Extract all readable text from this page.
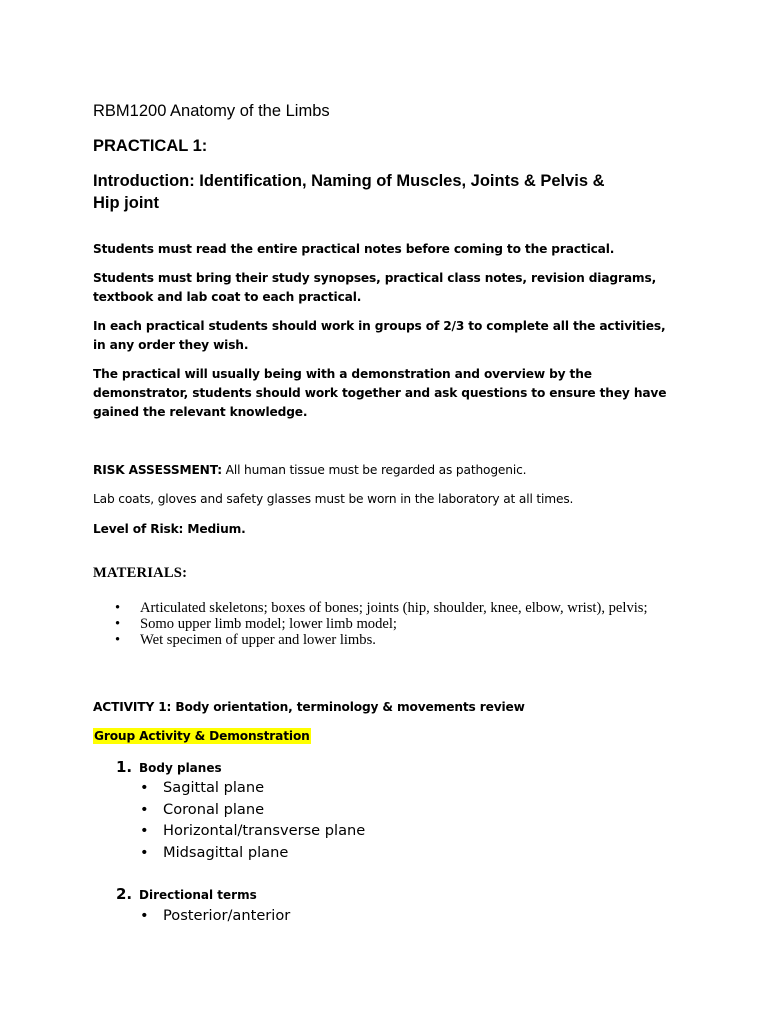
RBM1200 Anatomy of the Limbs
PRACTICAL 1:
Introduction: Identification, Naming of Muscles, Joints & Pelvis &
Hip joint
Students must read the entire practical notes before coming to the practical.
Students must bring their study synopses, practical class notes, revision diagrams, textbook and lab coat to each practical.
In each practical students should work in groups of 2/3 to complete all the activities, in any order they wish.
The practical will usually being with a demonstration and overview by the demonstrator, students should work together and ask questions to ensure they have gained the relevant knowledge.
RISK ASSESSMENT: All human tissue must be regarded as pathogenic.
Lab coats, gloves and safety glasses must be worn in the laboratory at all times.
Level of Risk: Medium.
MATERIALS:
• Articulated skeletons; boxes of bones; joints (hip, shoulder, knee, elbow, wrist), pelvis;
• Somo upper limb model; lower limb model;
• Wet specimen of upper and lower limbs.
ACTIVITY 1: Body orientation, terminology & movements review
Group Activity & Demonstration
1. Body planes
• Sagittal plane
• Coronal plane
• Horizontal/transverse plane
• Midsagittal plane
2. Directional terms
• Posterior/anterior
